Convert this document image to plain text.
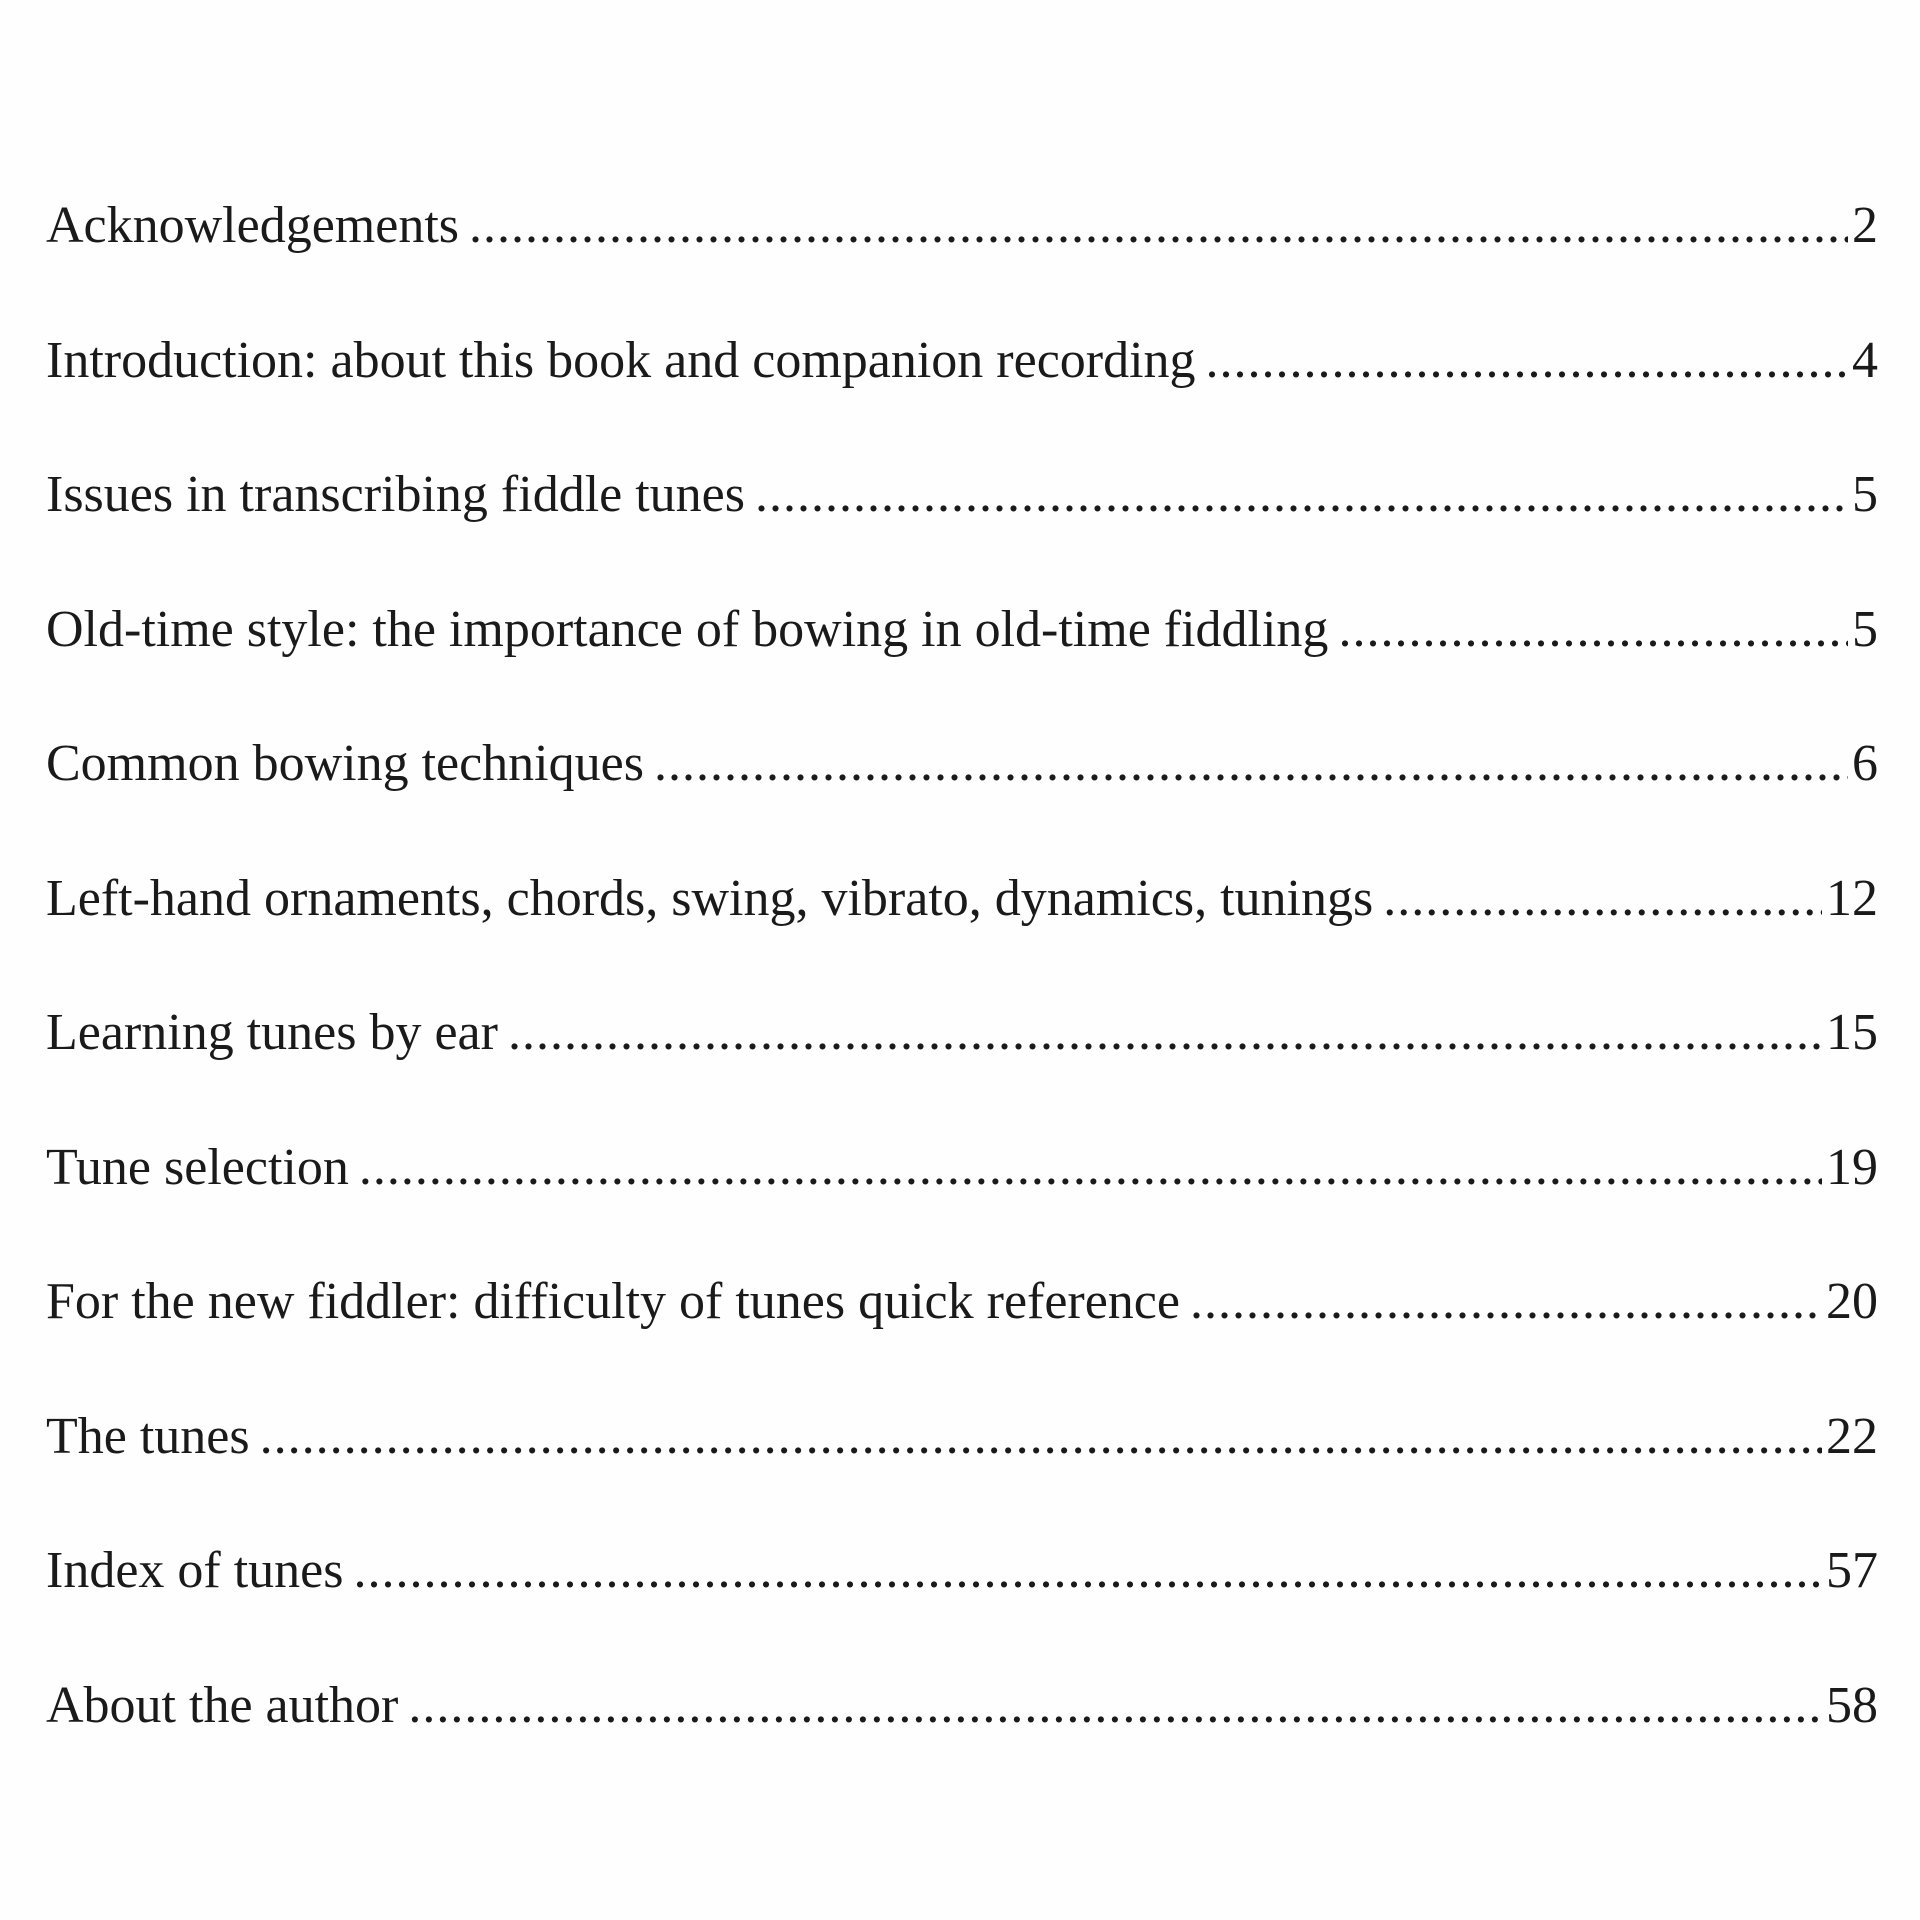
Acknowledgements .....	2
Introduction: about this book and companion recording .....	4
Issues in transcribing fiddle tunes .....	5
Old-time style: the importance of bowing in old-time fiddling .....	5
Common bowing techniques .....	6
Left-hand ornaments, chords, swing, vibrato, dynamics, tunings .....	12
Learning tunes by ear .....	15
Tune selection .....	19
For the new fiddler: difficulty of tunes quick reference .....	20
The tunes .....	22
Index of tunes .....	57
About the author .....	58
